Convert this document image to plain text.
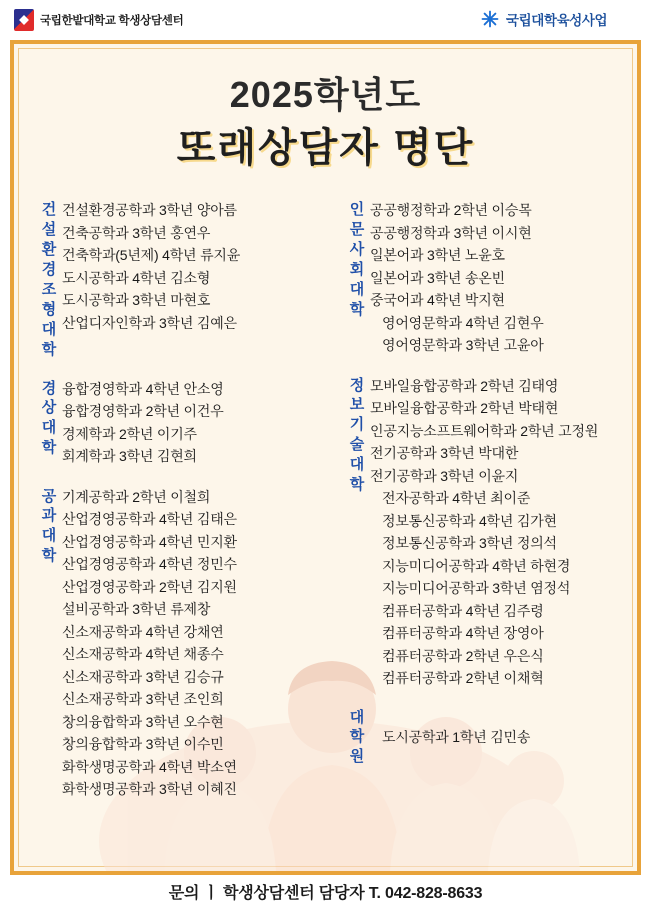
국립한밭대학교 학생상담센터	국립대학육성사업
2025학년도
또래상담자 명단
건
설
환
경
조
형
대
학
건설환경공학과 3학년 양아름
건축공학과 3학년 홍연우
건축학과(5년제) 4학년 류지윤
도시공학과 4학년 김소형
도시공학과 3학년 마현호
산업디자인학과 3학년 김예은
경
상
대
학
융합경영학과 4학년 안소영
융합경영학과 2학년 이건우
경제학과 2학년 이기주
회계학과 3학년 김현희
공
과
대
학
기계공학과 2학년 이철희
산업경영공학과 4학년 김태은
산업경영공학과 4학년 민지환
산업경영공학과 4학년 정민수
산업경영공학과 2학년 김지원
설비공학과 3학년 류제창
신소재공학과 4학년 강채연
신소재공학과 4학년 채종수
신소재공학과 3학년 김승규
신소재공학과 3학년 조인희
창의융합학과 3학년 오수현
창의융합학과 3학년 이수민
화학생명공학과 4학년 박소연
화학생명공학과 3학년 이혜진
인
문
사
회
대
학
공공행정학과 2학년 이승목
공공행정학과 3학년 이시현
일본어과 3학년 노윤호
일본어과 3학년 송온빈
중국어과 4학년 박지현
영어영문학과 4학년 김현우
영어영문학과 3학년 고윤아
정
보
기
술
대
학
모바일융합공학과 2학년 김태영
모바일융합공학과 2학년 박태현
인공지능소프트웨어학과 2학년 고정원
전기공학과 3학년 박대한
전기공학과 3학년 이윤지
전자공학과 4학년 최이준
정보통신공학과 4학년 김가현
정보통신공학과 3학년 정의석
지능미디어공학과 4학년 하현경
지능미디어공학과 3학년 염정석
컴퓨터공학과 4학년 김주령
컴퓨터공학과 4학년 장영아
컴퓨터공학과 2학년 우은식
컴퓨터공학과 2학년 이채혁
대
학
원
도시공학과 1학년 김민송
문의 ㅣ 학생상담센터 담당자 T. 042-828-8633
